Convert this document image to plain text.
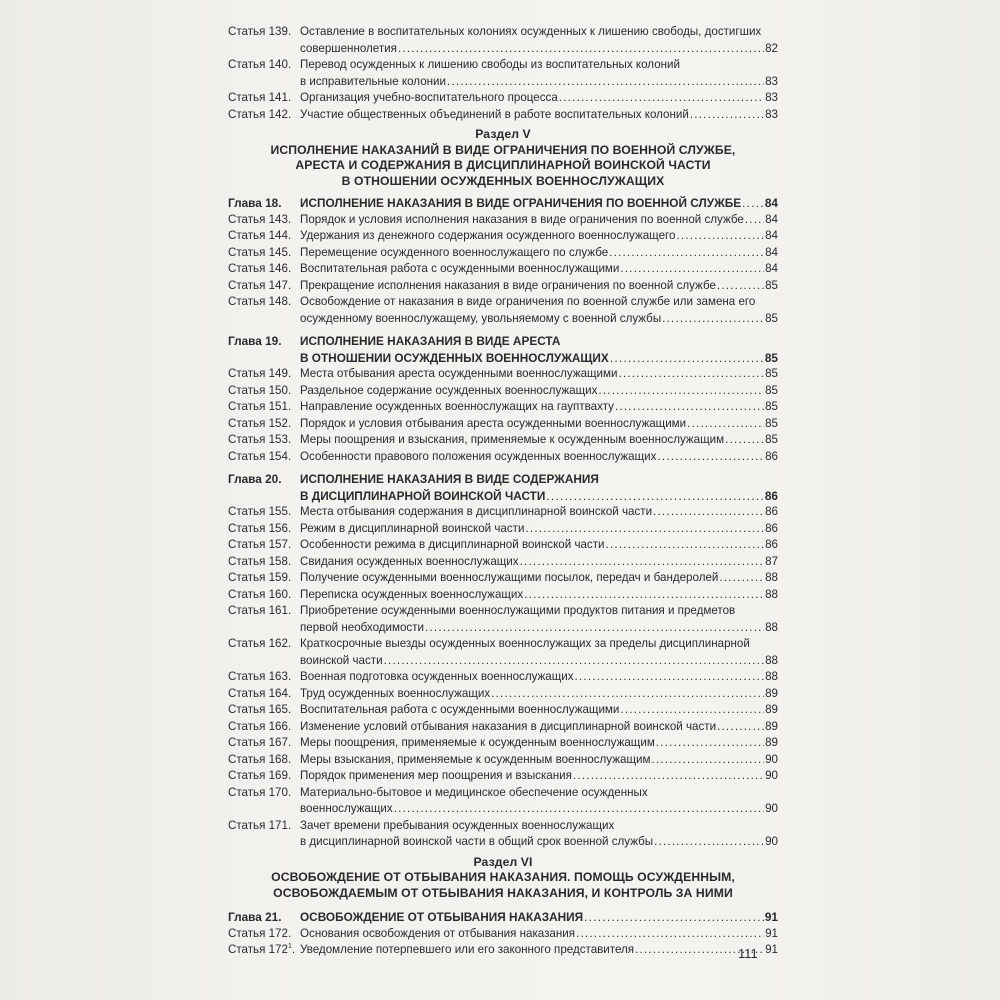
Статья 139. Оставление в воспитательных колониях осужденных к лишению свободы, достигших
совершеннолетия . . .	82
Статья 140. Перевод осужденных к лишению свободы из воспитательных колоний
в исправительные колонии . . .	83
Статья 141. Организация учебно-воспитательного процесса . . .	83
Статья 142. Участие общественных объединений в работе воспитательных колоний . . .	83
Раздел V
ИСПОЛНЕНИЕ НАКАЗАНИЙ В ВИДЕ ОГРАНИЧЕНИЯ ПО ВОЕННОЙ СЛУЖБЕ,
АРЕСТА И СОДЕРЖАНИЯ В ДИСЦИПЛИНАРНОЙ ВОИНСКОЙ ЧАСТИ
В ОТНОШЕНИИ ОСУЖДЕННЫХ ВОЕННОСЛУЖАЩИХ
Глава 18.	ИСПОЛНЕНИЕ НАКАЗАНИЯ В ВИДЕ ОГРАНИЧЕНИЯ ПО ВОЕННОЙ СЛУЖБЕ . . . 84
Статья 143. Порядок и условия исполнения наказания в виде ограничения по военной службе . . . 84
Статья 144. Удержания из денежного содержания осужденного военнослужащего . . .	84
Статья 145. Перемещение осужденного военнослужащего по службе . . .	84
Статья 146. Воспитательная работа с осужденными военнослужащими . . .	84
Статья 147. Прекращение исполнения наказания в виде ограничения по военной службе . . .	85
Статья 148. Освобождение от наказания в виде ограничения по военной службе или замена его
осужденному военнослужащему, увольняемому с военной службы . . .	85
Глава 19.	ИСПОЛНЕНИЕ НАКАЗАНИЯ В ВИДЕ АРЕСТА
В ОТНОШЕНИИ ОСУЖДЕННЫХ ВОЕННОСЛУЖАЩИХ . . .	85
Статья 149. Места отбывания ареста осужденными военнослужащими . . .	85
Статья 150. Раздельное содержание осужденных военнослужащих . . .	85
Статья 151. Направление осужденных военнослужащих на гауптвахту . . .	85
Статья 152. Порядок и условия отбывания ареста осужденными военнослужащими . . .	85
Статья 153. Меры поощрения и взыскания, применяемые к осужденным военнослужащим . . .	85
Статья 154. Особенности правового положения осужденных военнослужащих . . .	86
Глава 20.	ИСПОЛНЕНИЕ НАКАЗАНИЯ В ВИДЕ СОДЕРЖАНИЯ
В ДИСЦИПЛИНАРНОЙ ВОИНСКОЙ ЧАСТИ . . .	86
Статья 155. Места отбывания содержания в дисциплинарной воинской части . . .	86
Статья 156. Режим в дисциплинарной воинской части . . .	86
Статья 157. Особенности режима в дисциплинарной воинской части . . .	86
Статья 158. Свидания осужденных военнослужащих . . .	87
Статья 159. Получение осужденными военнослужащими посылок, передач и бандеролей . . .	88
Статья 160. Переписка осужденных военнослужащих . . .	88
Статья 161. Приобретение осужденными военнослужащими продуктов питания и предметов
первой необходимости . . .	88
Статья 162. Краткосрочные выезды осужденных военнослужащих за пределы дисциплинарной
воинской части . . .	88
Статья 163. Военная подготовка осужденных военнослужащих . . .	88
Статья 164. Труд осужденных военнослужащих . . .	89
Статья 165. Воспитательная работа с осужденными военнослужащими . . .	89
Статья 166. Изменение условий отбывания наказания в дисциплинарной воинской части . . .	89
Статья 167. Меры поощрения, применяемые к осужденным военнослужащим . . .	89
Статья 168. Меры взыскания, применяемые к осужденным военнослужащим . . .	90
Статья 169. Порядок применения мер поощрения и взыскания . . .	90
Статья 170. Материально-бытовое и медицинское обеспечение осужденных
военнослужащих . . .	90
Статья 171. Зачет времени пребывания осужденных военнослужащих
в дисциплинарной воинской части в общий срок военной службы . . .	90
Раздел VI
ОСВОБОЖДЕНИЕ ОТ ОТБЫВАНИЯ НАКАЗАНИЯ. ПОМОЩЬ ОСУЖДЕННЫМ,
ОСВОБОЖДАЕМЫМ ОТ ОТБЫВАНИЯ НАКАЗАНИЯ, И КОНТРОЛЬ ЗА НИМИ
Глава 21.	ОСВОБОЖДЕНИЕ ОТ ОТБЫВАНИЯ НАКАЗАНИЯ . . .	91
Статья 172. Основания освобождения от отбывания наказания . . .	91
Статья $172^1$. Уведомление потерпевшего или его законного представителя . . .	91
111
